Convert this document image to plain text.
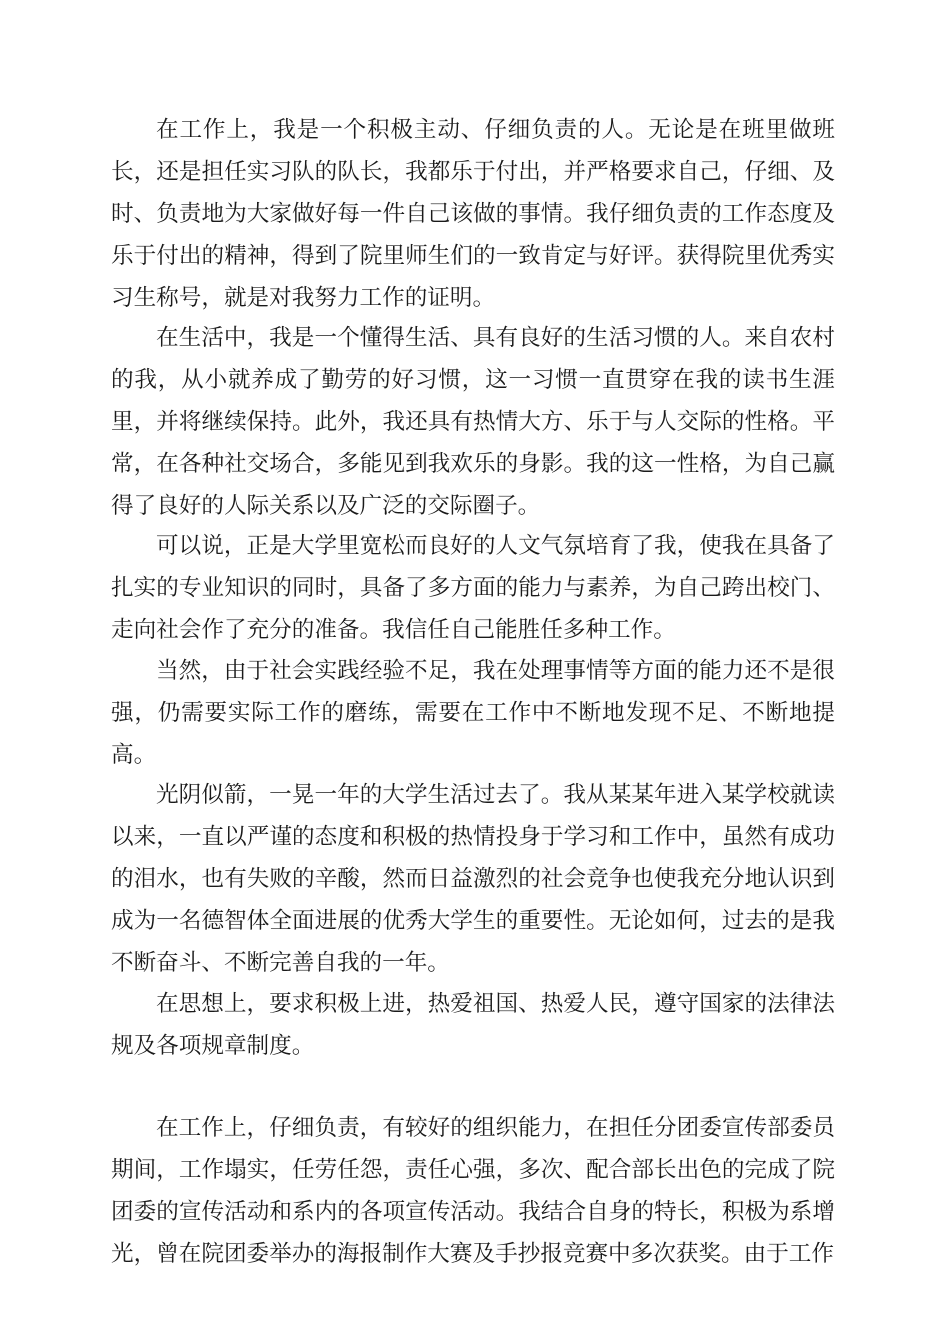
在工作上，我是一个积极主动、仔细负责的人。无论是在班里做班长，还是担任实习队的队长，我都乐于付出，并严格要求自己，仔细、及时、负责地为大家做好每一件自己该做的事情。我仔细负责的工作态度及乐于付出的精神，得到了院里师生们的一致肯定与好评。获得院里优秀实习生称号，就是对我努力工作的证明。

在生活中，我是一个懂得生活、具有良好的生活习惯的人。来自农村的我，从小就养成了勤劳的好习惯，这一习惯一直贯穿在我的读书生涯里，并将继续保持。此外，我还具有热情大方、乐于与人交际的性格。平常，在各种社交场合，多能见到我欢乐的身影。我的这一性格，为自己赢得了良好的人际关系以及广泛的交际圈子。

可以说，正是大学里宽松而良好的人文气氛培育了我，使我在具备了扎实的专业知识的同时，具备了多方面的能力与素养，为自己跨出校门、走向社会作了充分的准备。我信任自己能胜任多种工作。

当然，由于社会实践经验不足，我在处理事情等方面的能力还不是很强，仍需要实际工作的磨练，需要在工作中不断地发现不足、不断地提高。

光阴似箭，一晃一年的大学生活过去了。我从某某年进入某学校就读以来，一直以严谨的态度和积极的热情投身于学习和工作中，虽然有成功的泪水，也有失败的辛酸，然而日益激烈的社会竞争也使我充分地认识到成为一名德智体全面进展的优秀大学生的重要性。无论如何，过去的是我不断奋斗、不断完善自我的一年。

在思想上，要求积极上进，热爱祖国、热爱人民，遵守国家的法律法规及各项规章制度。

在工作上，仔细负责，有较好的组织能力，在担任分团委宣传部委员期间，工作塌实，任劳任怨，责任心强，多次、配合部长出色的完成了院团委的宣传活动和系内的各项宣传活动。我结合自身的特长，积极为系增光，曾在院团委举办的海报制作大赛及手抄报竞赛中多次获奖。由于工作
